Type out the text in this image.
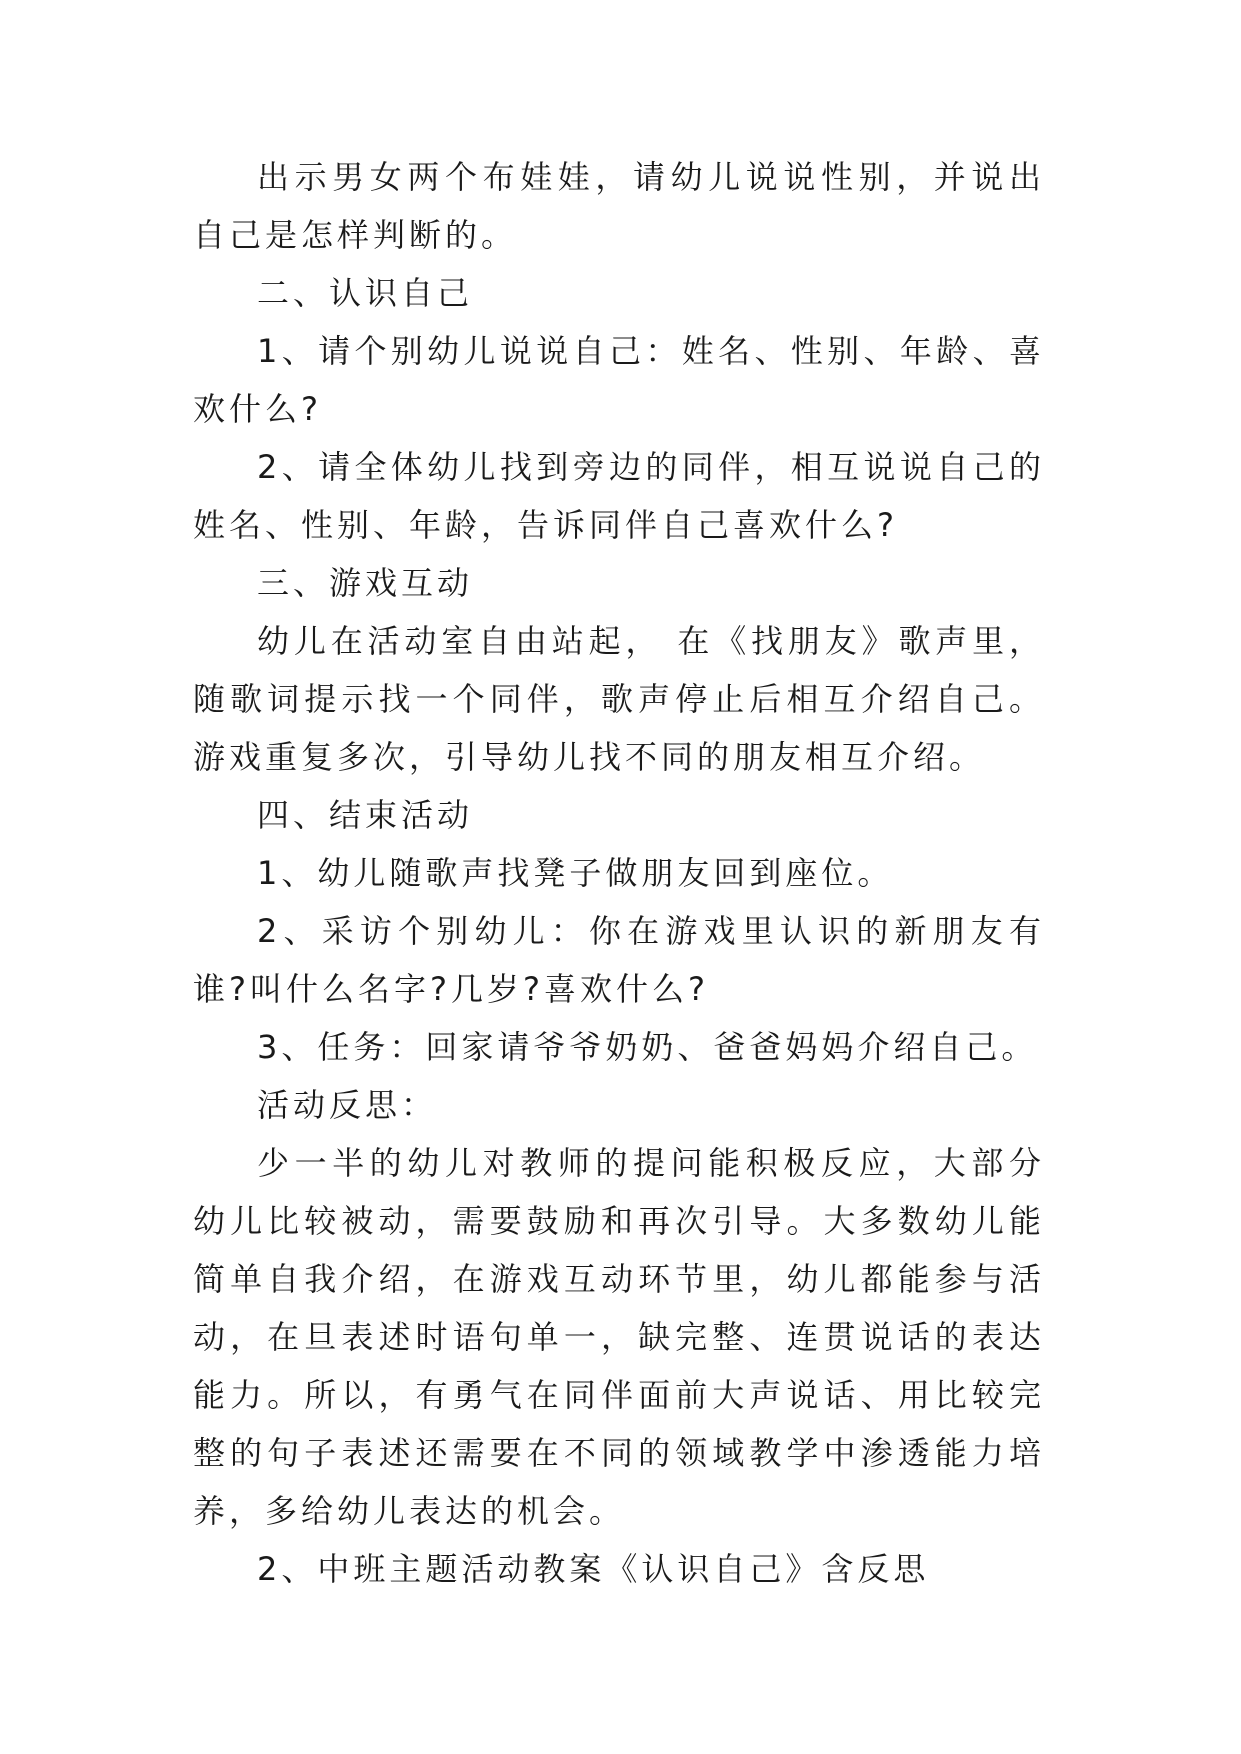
出示男女两个布娃娃，请幼儿说说性别，并说出自己是怎样判断的。

二、认识自己

1、请个别幼儿说说自己：姓名、性别、年龄、喜欢什么?

2、请全体幼儿找到旁边的同伴，相互说说自己的姓名、性别、年龄，告诉同伴自己喜欢什么?

三、游戏互动

幼儿在活动室自由站起， 在《找朋友》歌声里，随歌词提示找一个同伴，歌声停止后相互介绍自己。游戏重复多次，引导幼儿找不同的朋友相互介绍。

四、结束活动

1、幼儿随歌声找凳子做朋友回到座位。

2、采访个别幼儿：你在游戏里认识的新朋友有谁?叫什么名字?几岁?喜欢什么?

3、任务：回家请爷爷奶奶、爸爸妈妈介绍自己。

活动反思：

少一半的幼儿对教师的提问能积极反应，大部分幼儿比较被动，需要鼓励和再次引导。大多数幼儿能简单自我介绍，在游戏互动环节里，幼儿都能参与活动，在旦表述时语句单一，缺完整、连贯说话的表达能力。所以，有勇气在同伴面前大声说话、用比较完整的句子表述还需要在不同的领域教学中渗透能力培养，多给幼儿表达的机会。

2、中班主题活动教案《认识自己》含反思
